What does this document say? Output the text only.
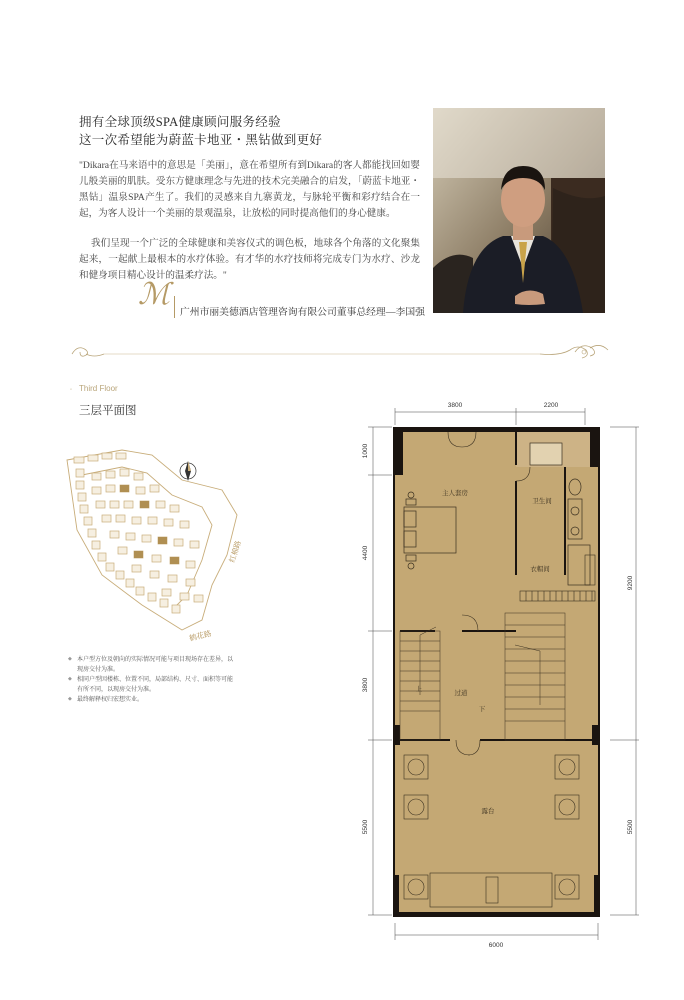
拥有全球顶级SPA健康顾问服务经验
这一次希望能为蔚蓝卡地亚・黑钻做到更好
"Dikara在马来语中的意思是「美丽」，意在希望所有到Dikara的客人都能找回如婴儿般美丽的肌肤。受东方健康理念与先进的技术完美融合的启发，「蔚蓝卡地亚・黑钻」温泉SPA产生了。我们的灵感来自九寨黄龙，与脉轮平衡和彩疗结合在一起，为客人设计一个美丽的景观温泉，让放松的同时提高他们的身心健康。
我们呈现一个广泛的全球健康和美容仪式的调色板，地球各个角落的文化聚集起来，一起献上最根本的水疗体验。有才华的水疗技师将完成专门为水疗、沙龙和健身项目精心设计的温柔疗法。"
ℳ
广州市丽美德酒店管理咨询有限公司董事总经理—李国强
◦ Third Floor
三层平面图
红棉路
鹤花路

◆ 本户型方位及朝向的实际情况可能与项目现场存在差异，以现房交付为准。

◆ 相同户型因楼栋、位置不同，局部结构、尺寸、面积等可能有所不同，以现房交付为准。

◆ 最终解释权归宏想实业。

3800	2200
1000
4400
3800
5500
9200
5500
6000
主人套房
卫生间
衣帽间
过道
上
下
露台
